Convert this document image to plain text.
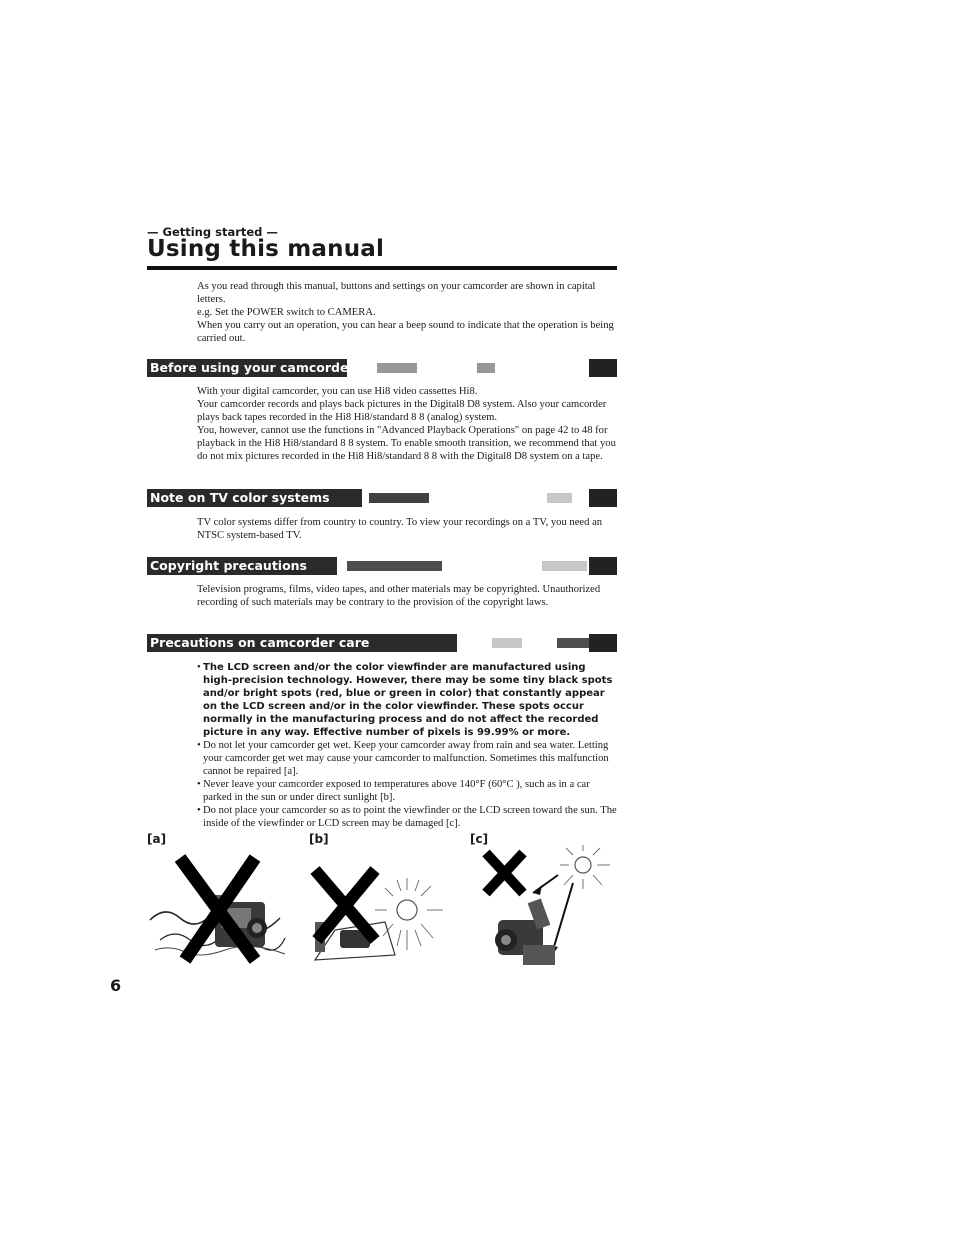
— Getting started —
Using this manual

As you read through this manual, buttons and settings on your camcorder are shown in capital letters.

e.g. Set the POWER switch to CAMERA.

When you carry out an operation, you can hear a beep sound to indicate that the operation is being carried out.

Before using your camcorder

With your digital camcorder, you can use Hi8 video cassettes Hi8.

Your camcorder records and plays back pictures in the Digital8 D8 system. Also your camcorder plays back tapes recorded in the Hi8 Hi8/standard 8 8 (analog) system.

You, however, cannot use the functions in "Advanced Playback Operations" on page 42 to 48 for playback in the Hi8 Hi8/standard 8 8 system. To enable smooth transition, we recommend that you do not mix pictures recorded in the Hi8 Hi8/standard 8 8 with the Digital8 D8 system on a tape.

Note on TV color systems

TV color systems differ from country to country. To view your recordings on a TV, you need an NTSC system-based TV.

Copyright precautions

Television programs, films, video tapes, and other materials may be copyrighted. Unauthorized recording of such materials may be contrary to the provision of the copyright laws.

Precautions on camcorder care
• The LCD screen and/or the color viewfinder are manufactured using high-precision technology. However, there may be some tiny black spots and/or bright spots (red, blue or green in color) that constantly appear on the LCD screen and/or in the color viewfinder. These spots occur normally in the manufacturing process and do not affect the recorded picture in any way. Effective number of pixels is 99.99% or more.
• Do not let your camcorder get wet. Keep your camcorder away from rain and sea water. Letting your camcorder get wet may cause your camcorder to malfunction. Sometimes this malfunction cannot be repaired [a].
• Never leave your camcorder exposed to temperatures above 140°F (60°C ), such as in a car parked in the sun or under direct sunlight [b].
• Do not place your camcorder so as to point the viewfinder or the LCD screen toward the sun. The inside of the viewfinder or LCD screen may be damaged [c].
[a]	[b]	[c]
6
